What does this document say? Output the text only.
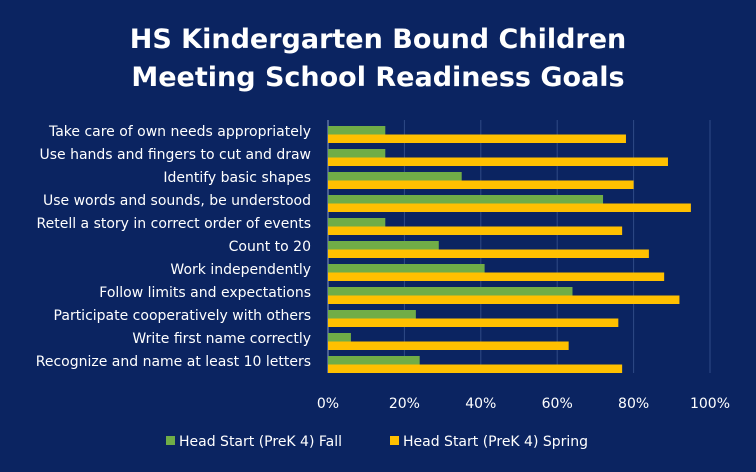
HS Kindergarten Bound Children
Meeting School Readiness Goals
Take care of own needs appropriately
Use hands and fingers to cut and draw
Identify basic shapes
Use words and sounds, be understood
Retell a story in correct order of events
Count to 20
Work independently
Follow limits and expectations
Participate cooperatively with others
Write first name correctly
Recognize and name at least 10 letters
0%	20%	40%	60%	80%	100%
Head Start (PreK 4) Fall	Head Start (PreK 4) Spring
